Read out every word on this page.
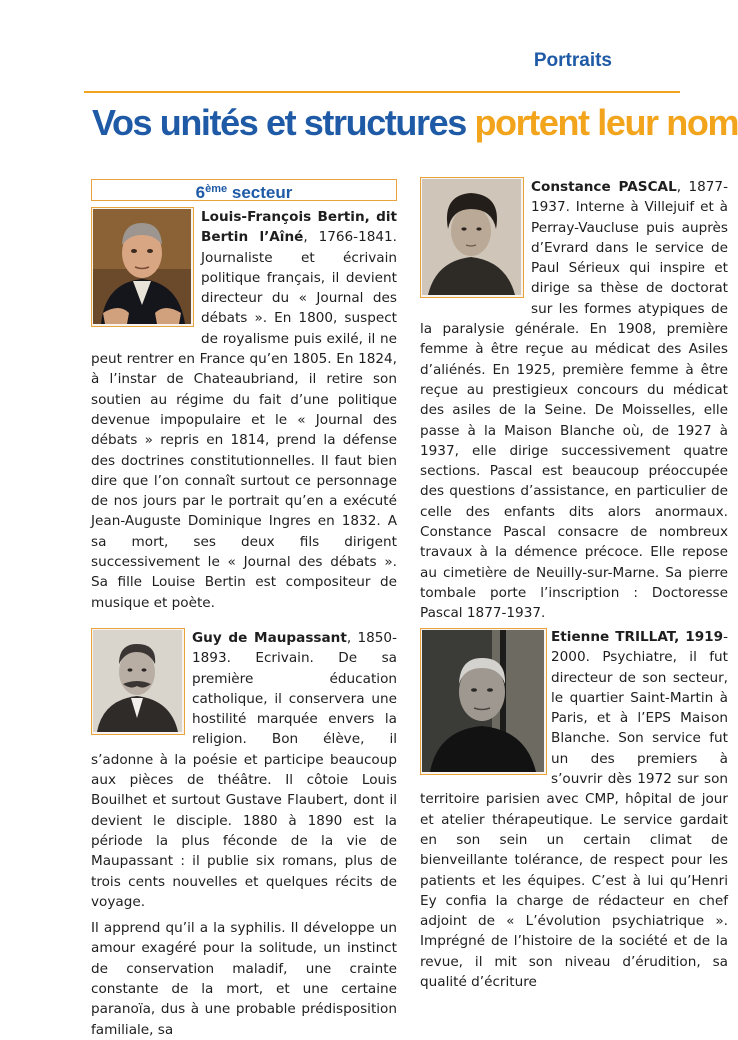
Portraits
Vos unités et structures portent leur nom
6ème secteur

Louis-François Bertin, dit Bertin l’Aîné, 1766-1841. Journaliste et écrivain politique français, il devient directeur du « Journal des débats ». En 1800, suspect de royalisme puis exilé, il ne peut rentrer en France qu’en 1805. En 1824, à l’instar de Chateaubriand, il retire son soutien au régime du fait d’une politique devenue impopulaire et le « Journal des débats » repris en 1814, prend la défense des doctrines constitutionnelles. Il faut bien dire que l’on connaît surtout ce personnage de nos jours par le portrait qu’en a exécuté Jean-Auguste Dominique Ingres en 1832. A sa mort, ses deux fils dirigent successivement le « Journal des débats ». Sa fille Louise Bertin est compositeur de musique et poète.

Guy de Maupassant, 1850-1893. Ecrivain. De sa première éducation catholique, il conservera une hostilité marquée envers la religion. Bon élève, il s’adonne à la poésie et participe beaucoup aux pièces de théâtre. Il côtoie Louis Bouilhet et surtout Gustave Flaubert, dont il devient le disciple. 1880 à 1890 est la période la plus féconde de la vie de Maupassant : il publie six romans, plus de trois cents nouvelles et quelques récits de voyage.

Il apprend qu’il a la syphilis. Il développe un amour exagéré pour la solitude, un instinct de conservation maladif, une crainte constante de la mort, et une certaine paranoïa, dus à une probable prédisposition familiale, sa

Constance PASCAL, 1877-1937. Interne à Villejuif et à Perray-Vaucluse puis auprès d’Evrard dans le service de Paul Sérieux qui inspire et dirige sa thèse de doctorat sur les formes atypiques de la paralysie générale. En 1908, première femme à être reçue au médicat des Asiles d’aliénés. En 1925, première femme à être reçue au prestigieux concours du médicat des asiles de la Seine. De Moisselles, elle passe à la Maison Blanche où, de 1927 à 1937, elle dirige successivement quatre sections. Pascal est beaucoup préoccupée des questions d’assistance, en particulier de celle des enfants dits alors anormaux. Constance Pascal consacre de nombreux travaux à la démence précoce. Elle repose au cimetière de Neuilly-sur-Marne. Sa pierre tombale porte l’inscription : Doctoresse Pascal 1877-1937.

Etienne TRILLAT, 1919-2000. Psychiatre, il fut directeur de son secteur, le quartier Saint-Martin à Paris, et à l’EPS Maison Blanche. Son service fut un des premiers à s’ouvrir dès 1972 sur son territoire parisien avec CMP, hôpital de jour et atelier thérapeutique. Le service gardait en son sein un certain climat de bienveillante tolérance, de respect pour les patients et les équipes. C’est à lui qu’Henri Ey confia la charge de rédacteur en chef adjoint de « L’évolution psychiatrique ». Imprégné de l’histoire de la société et de la revue, il mit son niveau d’érudition, sa qualité d’écriture
